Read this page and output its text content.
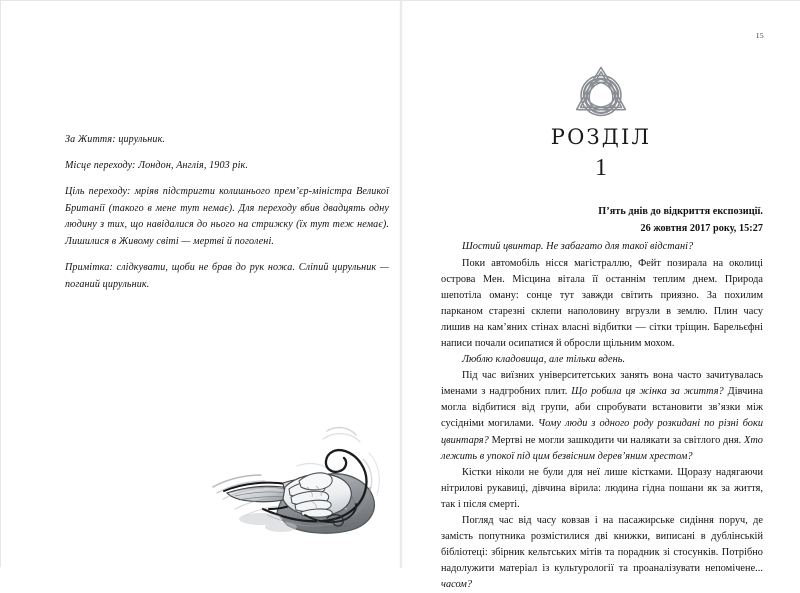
За Життя: цирульник.

Місце переходу: Лондон, Англія, 1903 рік.

Ціль переходу: мріяв підстригти колишнього прем’єр-міністра Великої Британії (такого в мене тут немає). Для переходу вбив двадцять одну людину з тих, що навідалися до нього на стрижку (їх тут теж немає). Лишилися в Живому світі — мертві й поголені.

Примітка: слідкувати, щоби не брав до рук ножа. Сліпий цирульник — поганий цирульник.

15
РОЗДІЛ
1

П’ять днів до відкриття експозиції.

26 жовтня 2017 року, 15:27

Шостий цвинтар. Не забагато для такої відстані?

Поки автомобіль нісся магістраллю, Фейт позирала на околиці острова Мен. Місцина вітала її останнім теплим днем. Природа шепотіла оману: сонце тут завжди світить приязно. За похилим парканом старезні склепи наполовину вгрузли в землю. Плин часу лишив на кам’яних стінах власні відбитки — сітки тріщин. Барельєфні написи почали осипатися й обросли щільним мохом.

Люблю кладовища, але тільки вдень.

Під час виїзних університетських занять вона часто зачитувалась іменами з надгробних плит. Що робила ця жінка за життя? Дівчина могла відбитися від групи, аби спробувати встановити зв’язки між сусідніми могилами. Чому люди з одного роду розкидані по різні боки цвинтаря? Мертві не могли зашкодити чи налякати за світлого дня. Хто лежить в упокої під цим безвісним дерев’яним хрестом?

Кістки ніколи не були для неї лише кістками. Щоразу надягаючи нітрилові рукавиці, дівчина вірила: людина гідна пошани як за життя, так і після смерті.

Погляд час від часу ковзав і на пасажирське сидіння поруч, де замість попутника розмістилися дві книжки, виписані в дублінській бібліотеці: збірник кельтських мітів та порадник зі стосунків. Потрібно надолужити матеріал із культурології та проаналізувати непомічене... часом?
